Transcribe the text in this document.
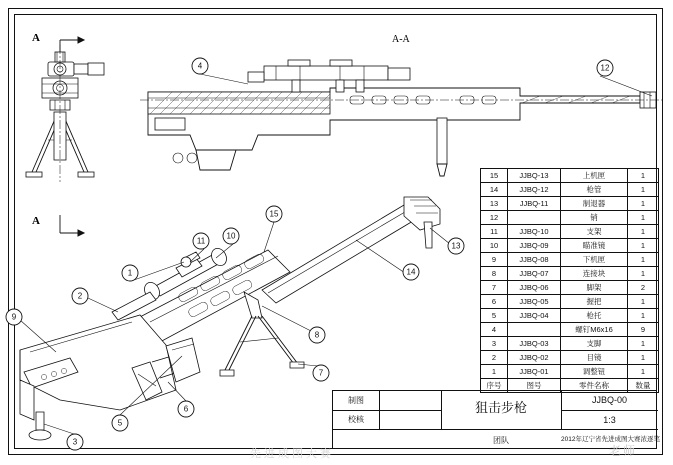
4	12
1
2
9
3
5
6
7
8
10
11
15
13
14
A
A
A-A
15	JJBQ-13	上机匣	1
14	JJBQ-12	枪管	1
13	JJBQ-11	制退器	1
12		销	1
11	JJBQ-10	支架	1
10	JJBQ-09	瞄准镜	1
9	JJBQ-08	下机匣	1
8	JJBQ-07	连接块	1
7	JJBQ-06	脚架	2
6	JJBQ-05	握把	1
5	JJBQ-04	枪托	1
4		螺钉M6x16	9
3	JJBQ-03	支脚	1
2	JJBQ-02	目镜	1
1	JJBQ-01	调整钮	1
序号	图号	零件名称	数量
制图
校核
狙击步枪	JJBQ-00
1:3
团队	2012年辽宁省先进成图大赛浓逐笔
老师
先进成图大赛
